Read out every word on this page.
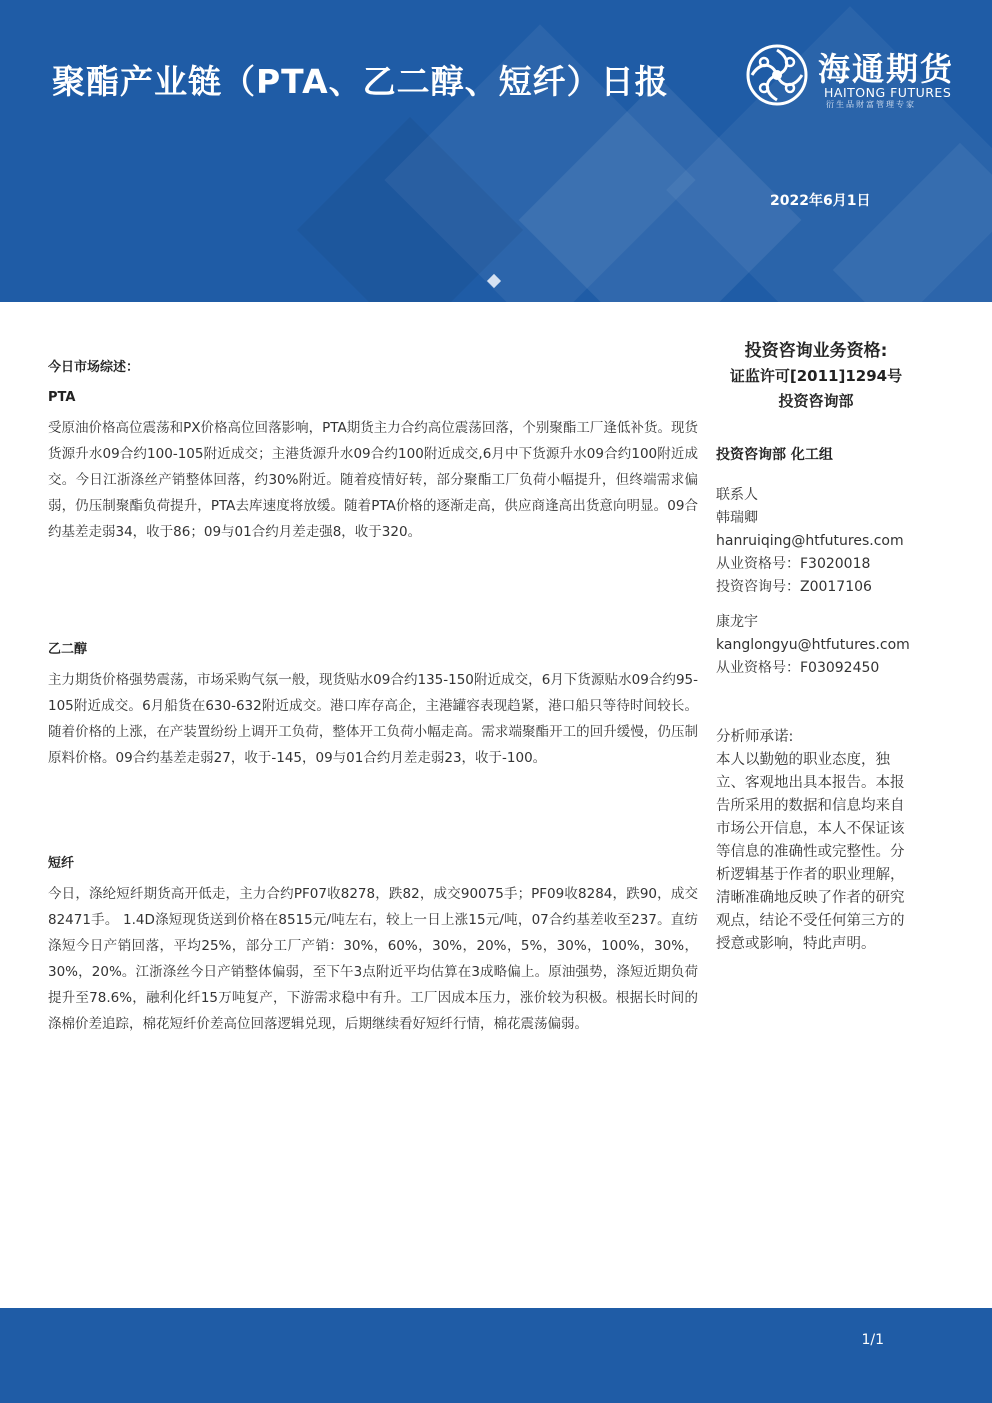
聚酯产业链（PTA、乙二醇、短纤）日报
2022年6月1日
海通期货
HAITONG FUTURES
衍生品财富管理专家
今日市场综述：
PTA
受原油价格高位震荡和PX价格高位回落影响，PTA期货主力合约高位震荡回落，个别聚酯工厂逢低补货。现货货源升水09合约100-105附近成交；主港货源升水09合约100附近成交,6月中下货源升水09合约100附近成交。今日江浙涤丝产销整体回落，约30%附近。随着疫情好转，部分聚酯工厂负荷小幅提升，但终端需求偏弱，仍压制聚酯负荷提升，PTA去库速度将放缓。随着PTA价格的逐渐走高，供应商逢高出货意向明显。09合约基差走弱34，收于86；09与01合约月差走强8，收于320。
乙二醇
主力期货价格强势震荡，市场采购气氛一般，现货贴水09合约135-150附近成交，6月下货源贴水09合约95-105附近成交。6月船货在630-632附近成交。港口库存高企，主港罐容表现趋紧，港口船只等待时间较长。随着价格的上涨，在产装置纷纷上调开工负荷，整体开工负荷小幅走高。需求端聚酯开工的回升缓慢，仍压制原料价格。09合约基差走弱27，收于-145，09与01合约月差走弱23，收于-100。
短纤
今日，涤纶短纤期货高开低走，主力合约PF07收8278，跌82，成交90075手；PF09收8284，跌90，成交82471手。 1.4D涤短现货送到价格在8515元/吨左右，较上一日上涨15元/吨，07合约基差收至237。直纺涤短今日产销回落，平均25%，部分工厂产销：30%，60%，30%，20%，5%，30%，100%，30%，30%，20%。江浙涤丝今日产销整体偏弱，至下午3点附近平均估算在3成略偏上。原油强势，涤短近期负荷提升至78.6%，融利化纤15万吨复产，下游需求稳中有升。工厂因成本压力，涨价较为积极。根据长时间的涤棉价差追踪，棉花短纤价差高位回落逻辑兑现，后期继续看好短纤行情，棉花震荡偏弱。
投资咨询业务资格:
证监许可[2011]1294号
投资咨询部
投资咨询部 化工组
联系人
韩瑞卿
hanruiqing@htfutures.com
从业资格号：F3020018
投资咨询号：Z0017106
康龙宇
kanglongyu@htfutures.com
从业资格号：F03092450
分析师承诺:
本人以勤勉的职业态度，独立、客观地出具本报告。本报告所采用的数据和信息均来自市场公开信息，本人不保证该等信息的准确性或完整性。分析逻辑基于作者的职业理解，清晰准确地反映了作者的研究观点，结论不受任何第三方的授意或影响，特此声明。
1/1
